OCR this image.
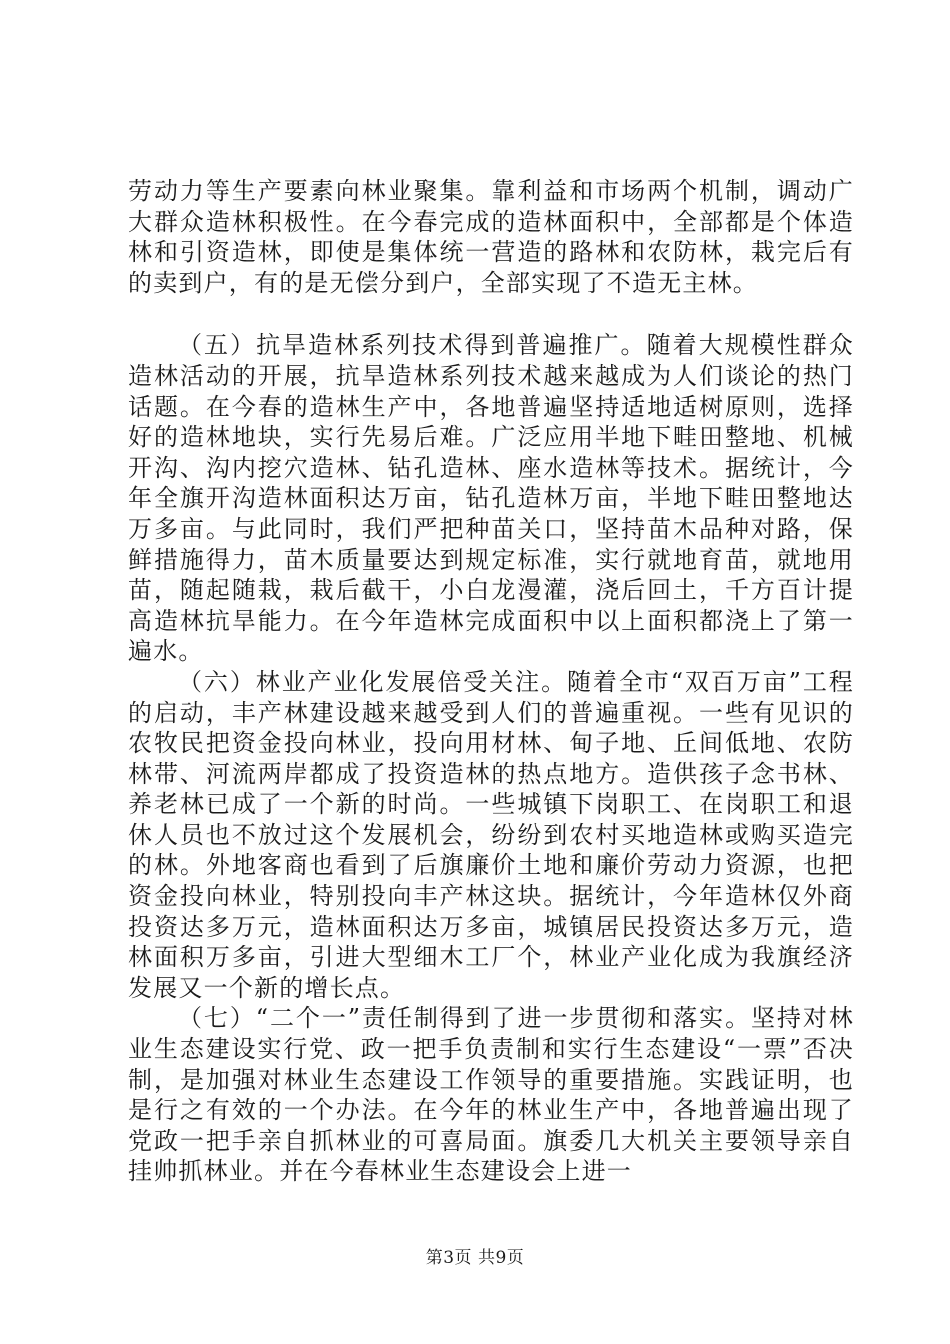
劳动力等生产要素向林业聚集。靠利益和市场两个机制，调动广大群众造林积极性。在今春完成的造林面积中，全部都是个体造林和引资造林，即使是集体统一营造的路林和农防林，栽完后有的卖到户，有的是无偿分到户，全部实现了不造无主林。

（五）抗旱造林系列技术得到普遍推广。随着大规模性群众造林活动的开展，抗旱造林系列技术越来越成为人们谈论的热门话题。在今春的造林生产中，各地普遍坚持适地适树原则，选择好的造林地块，实行先易后难。广泛应用半地下畦田整地、机械开沟、沟内挖穴造林、钻孔造林、座水造林等技术。据统计，今年全旗开沟造林面积达万亩，钻孔造林万亩，半地下畦田整地达万多亩。与此同时，我们严把种苗关口，坚持苗木品种对路，保鲜措施得力，苗木质量要达到规定标准，实行就地育苗，就地用苗，随起随栽，栽后截干，小白龙漫灌，浇后回土，千方百计提高造林抗旱能力。在今年造林完成面积中以上面积都浇上了第一遍水。

（六）林业产业化发展倍受关注。随着全市“双百万亩”工程的启动，丰产林建设越来越受到人们的普遍重视。一些有见识的农牧民把资金投向林业，投向用材林、甸子地、丘间低地、农防林带、河流两岸都成了投资造林的热点地方。造供孩子念书林、养老林已成了一个新的时尚。一些城镇下岗职工、在岗职工和退休人员也不放过这个发展机会，纷纷到农村买地造林或购买造完的林。外地客商也看到了后旗廉价土地和廉价劳动力资源，也把资金投向林业，特别投向丰产林这块。据统计，今年造林仅外商投资达多万元，造林面积达万多亩，城镇居民投资达多万元，造林面积万多亩，引进大型细木工厂个，林业产业化成为我旗经济发展又一个新的增长点。

（七）“二个一”责任制得到了进一步贯彻和落实。坚持对林业生态建设实行党、政一把手负责制和实行生态建设“一票”否决制，是加强对林业生态建设工作领导的重要措施。实践证明，也是行之有效的一个办法。在今年的林业生产中，各地普遍出现了党政一把手亲自抓林业的可喜局面。旗委几大机关主要领导亲自挂帅抓林业。并在今春林业生态建设会上进一

第3页 共9页
